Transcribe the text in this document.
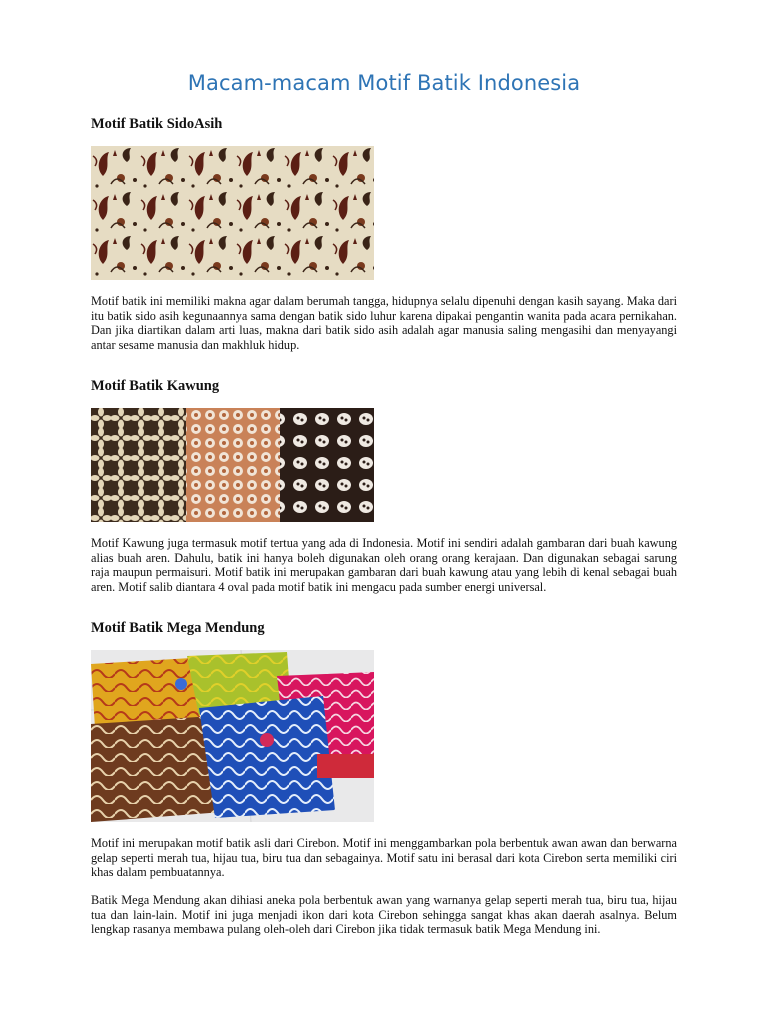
Macam-macam Motif Batik Indonesia
Motif Batik SidoAsih

Motif batik ini memiliki makna agar dalam berumah tangga, hidupnya selalu dipenuhi dengan kasih sayang. Maka dari itu batik sido asih kegunaannya sama dengan batik sido luhur karena dipakai pengantin wanita pada acara pernikahan. Dan jika diartikan dalam arti luas, makna dari batik sido asih adalah agar manusia saling mengasihi dan menyayangi antar sesame manusia dan makhluk hidup.

Motif Batik Kawung

Motif Kawung juga termasuk motif tertua yang ada di Indonesia. Motif ini sendiri adalah gambaran dari buah kawung alias buah aren. Dahulu, batik ini hanya boleh digunakan oleh orang orang kerajaan. Dan digunakan sebagai sarung raja maupun permaisuri. Motif batik ini merupakan gambaran dari buah kawung atau yang lebih di kenal sebagai buah aren. Motif salib diantara 4 oval pada motif batik ini mengacu pada sumber energi universal.

Motif Batik Mega Mendung

Motif ini merupakan motif batik asli dari Cirebon. Motif ini menggambarkan pola berbentuk awan awan dan berwarna gelap seperti merah tua, hijau tua, biru tua dan sebagainya. Motif satu ini berasal dari kota Cirebon serta memiliki ciri khas dalam pembuatannya.

Batik Mega Mendung akan dihiasi aneka pola berbentuk awan yang warnanya gelap seperti merah tua, biru tua, hijau tua dan lain-lain. Motif ini juga menjadi ikon dari kota Cirebon sehingga sangat khas akan daerah asalnya. Belum lengkap rasanya membawa pulang oleh-oleh dari Cirebon jika tidak termasuk batik Mega Mendung ini.
